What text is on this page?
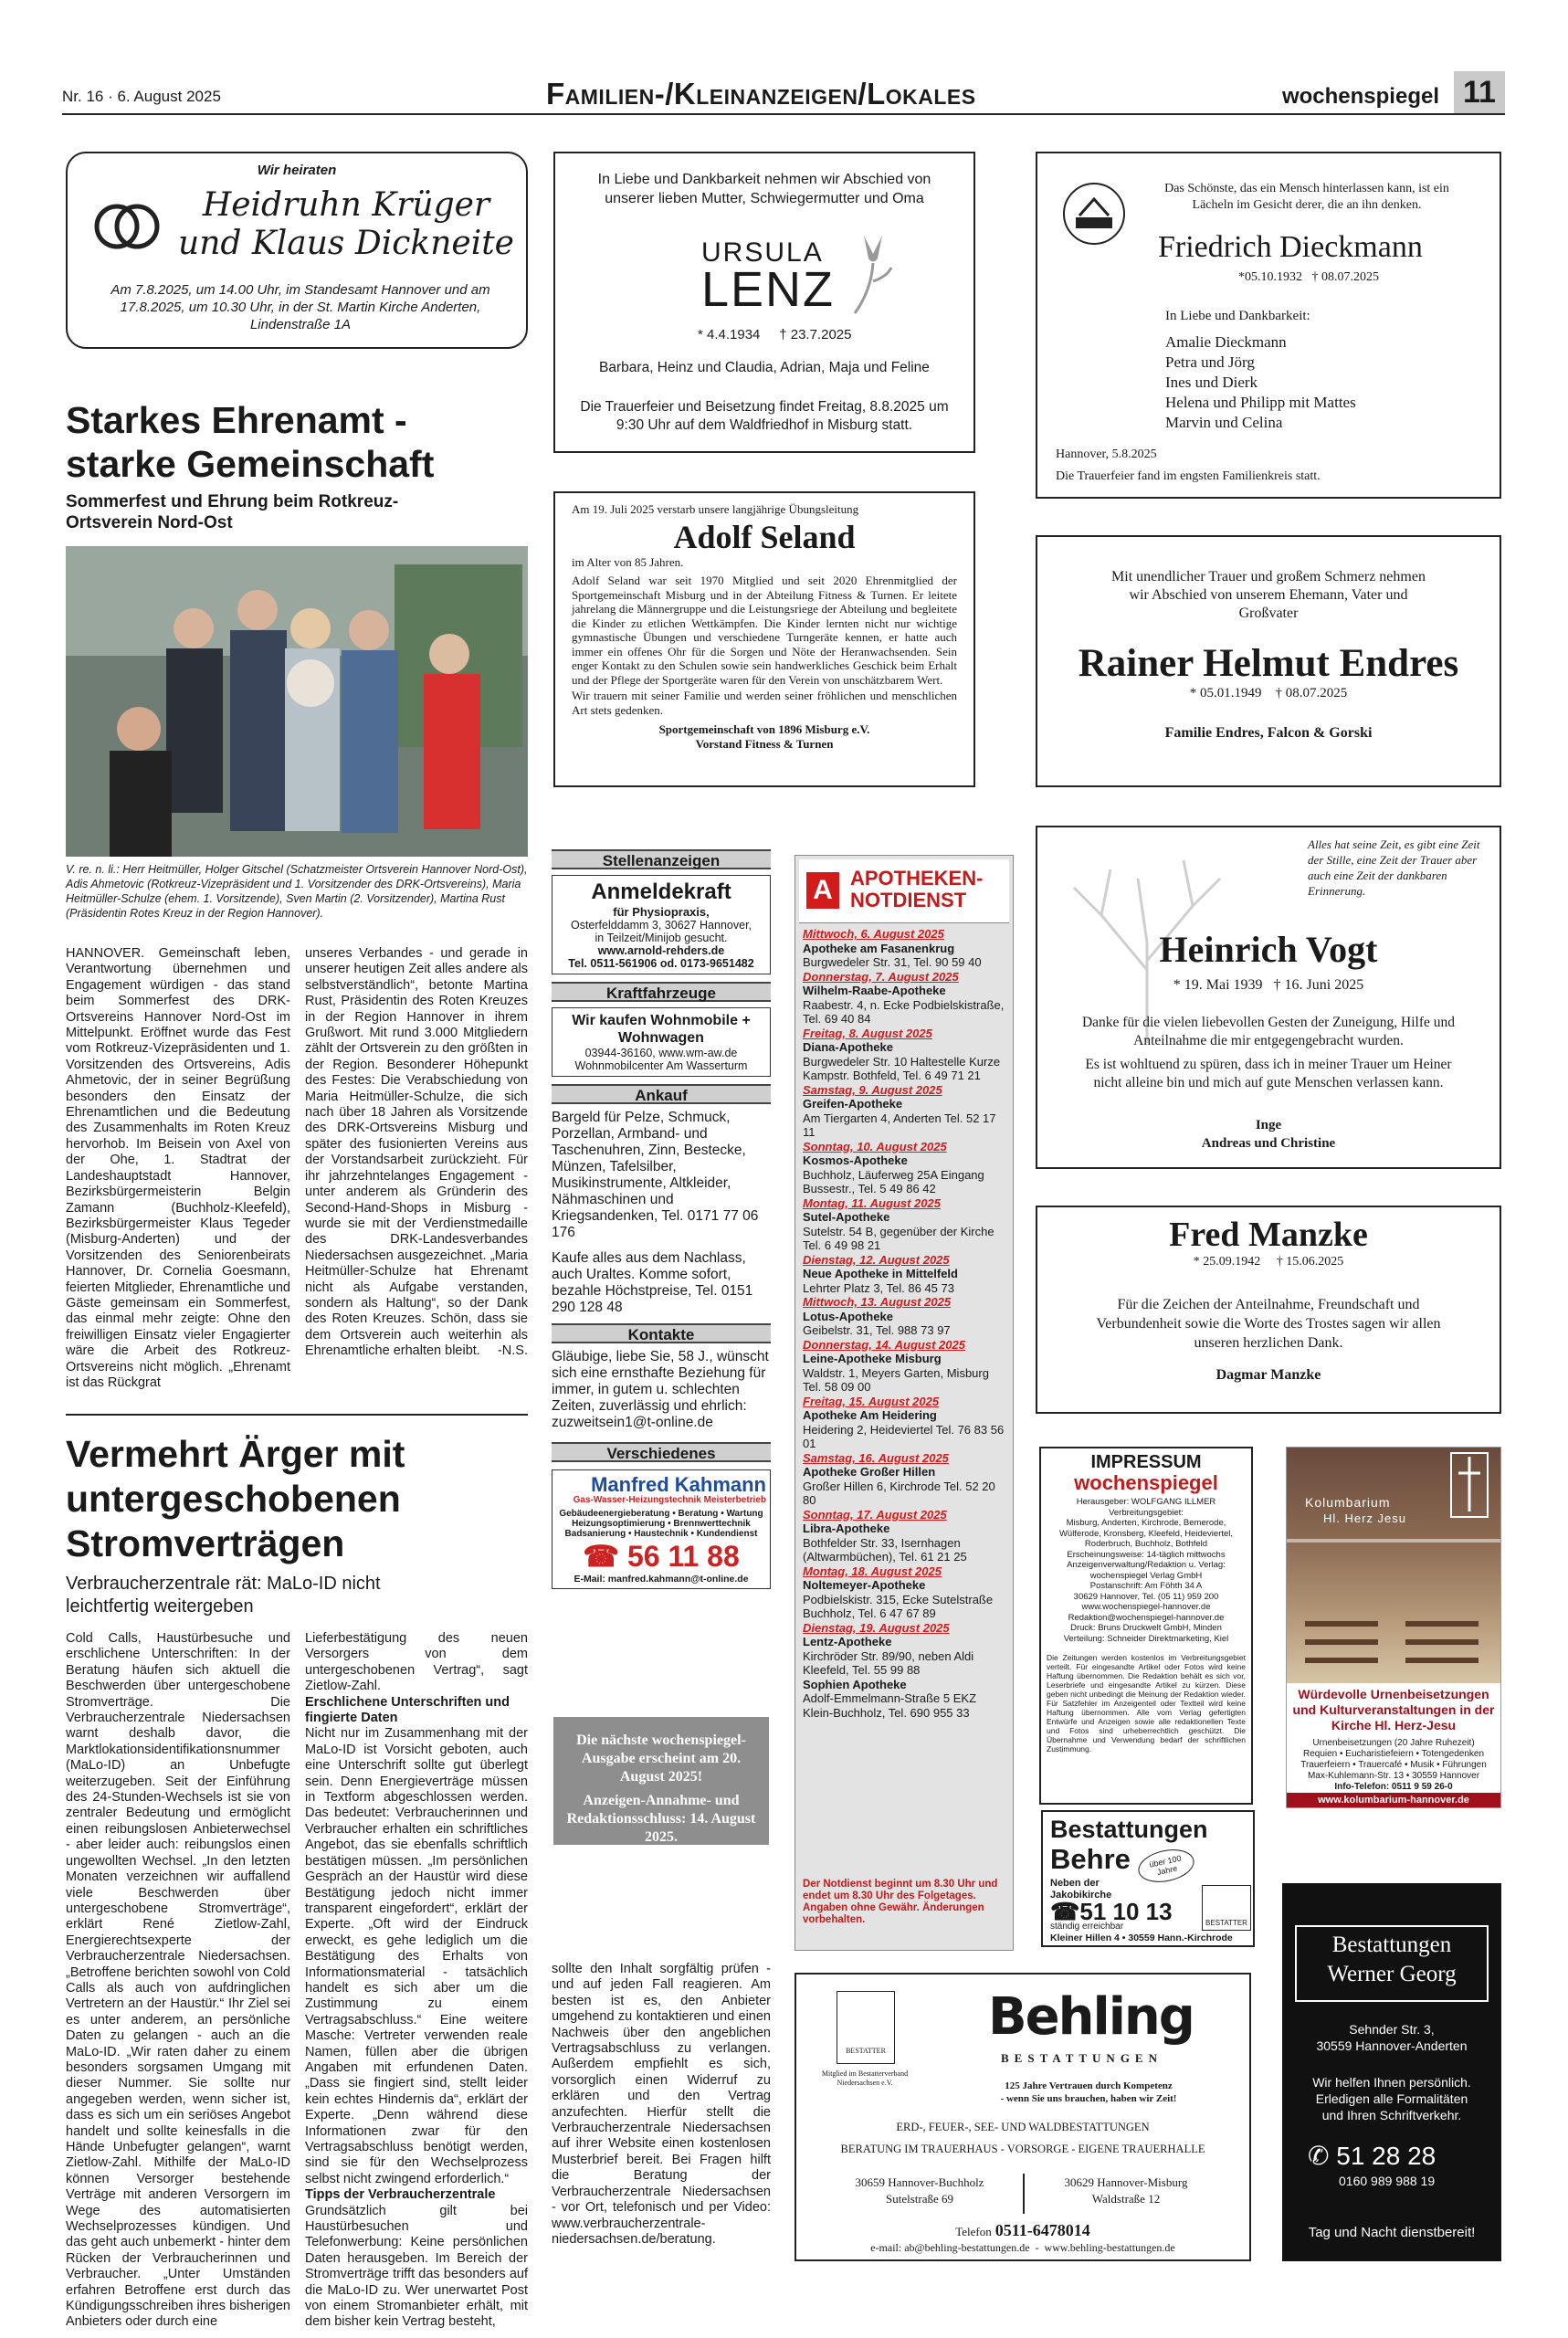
Nr. 16 · 6. August 2025	Familien-/Kleinanzeigen/Lokales	wochenspiegel 11
Wir heiraten
Heidruhn Krüger und Klaus Dickneite
Am 7.8.2025, um 14.00 Uhr, im Standesamt Hannover und am 17.8.2025, um 10.30 Uhr, in der St. Martin Kirche Anderten, Lindenstraße 1A
Starkes Ehrenamt - starke Gemeinschaft
Sommerfest und Ehrung beim Rotkreuz-Ortsverein Nord-Ost
V. re. n. li.: Herr Heitmüller, Holger Gitschel (Schatzmeister Ortsverein Hannover Nord-Ost), Adis Ahmetovic (Rotkreuz-Vizepräsident und 1. Vorsitzender des DRK-Ortsvereins), Maria Heitmüller-Schulze (ehem. 1. Vorsitzende), Sven Martin (2. Vorsitzender), Martina Rust (Präsidentin Rotes Kreuz in der Region Hannover).
HANNOVER. Gemeinschaft leben, Verantwortung übernehmen und Engagement würdigen - das stand beim Sommerfest des DRK-Ortsvereins Hannover Nord-Ost im Mittelpunkt. Eröffnet wurde das Fest vom Rotkreuz-Vizepräsidenten und 1. Vorsitzenden des Ortsvereins, Adis Ahmetovic, der in seiner Begrüßung besonders den Einsatz der Ehrenamtlichen und die Bedeutung des Zusammenhalts im Roten Kreuz hervorhob. Im Beisein von Axel von der Ohe, 1. Stadtrat der Landeshauptstadt Hannover, Bezirksbürgermeisterin Belgin Zamann (Buchholz-Kleefeld), Bezirksbürgermeister Klaus Tegeder (Misburg-Anderten) und der Vorsitzenden des Seniorenbeirats Hannover, Dr. Cornelia Goesmann, feierten Mitglieder, Ehrenamtliche und Gäste gemeinsam ein Sommerfest, das einmal mehr zeigte: Ohne den freiwilligen Einsatz vieler Engagierter wäre die Arbeit des Rotkreuz-Ortsvereins nicht möglich. „Ehrenamt ist das Rückgrat
unseres Verbandes - und gerade in unserer heutigen Zeit alles andere als selbstverständlich“, betonte Martina Rust, Präsidentin des Roten Kreuzes in der Region Hannover in ihrem Grußwort. Mit rund 3.000 Mitgliedern zählt der Ortsverein zu den größten in der Region. Besonderer Höhepunkt des Festes: Die Verabschiedung von Maria Heitmüller-Schulze, die sich nach über 18 Jahren als Vorsitzende des DRK-Ortsvereins Misburg und später des fusionierten Vereins aus der Vorstandsarbeit zurückzieht. Für ihr jahrzehntelanges Engagement - unter anderem als Gründerin des Second-Hand-Shops in Misburg - wurde sie mit der Verdienstmedaille des DRK-Landesverbandes Niedersachsen ausgezeichnet. „Maria Heitmüller-Schulze hat Ehrenamt nicht als Aufgabe verstanden, sondern als Haltung“, so der Dank des Roten Kreuzes. Schön, dass sie dem Ortsverein auch weiterhin als Ehrenamtliche erhalten bleibt. -N.S.
Vermehrt Ärger mit untergeschobenen Stromverträgen
Verbraucherzentrale rät: MaLo-ID nicht leichtfertig weitergeben
Cold Calls, Haustürbesuche und erschlichene Unterschriften: In der Beratung häufen sich aktuell die Beschwerden über untergeschobene Stromverträge. Die Verbraucherzentrale Niedersachsen warnt deshalb davor, die Marktlokationsidentifikationsnummer (MaLo-ID) an Unbefugte weiterzugeben. Seit der Einführung des 24-Stunden-Wechsels ist sie von zentraler Bedeutung und ermöglicht einen reibungslosen Anbieterwechsel - aber leider auch: reibungslos einen ungewollten Wechsel. „In den letzten Monaten verzeichnen wir auffallend viele Beschwerden über untergeschobene Stromverträge“, erklärt René Zietlow-Zahl, Energierechtsexperte der Verbraucherzentrale Niedersachsen. „Betroffene berichten sowohl von Cold Calls als auch von aufdringlichen Vertretern an der Haustür.“ Ihr Ziel sei es unter anderem, an persönliche Daten zu gelangen - auch an die MaLo-ID. „Wir raten daher zu einem besonders sorgsamen Umgang mit dieser Nummer. Sie sollte nur angegeben werden, wenn sicher ist, dass es sich um ein seriöses Angebot handelt und sollte keinesfalls in die Hände Unbefugter gelangen“, warnt Zietlow-Zahl. Mithilfe der MaLo-ID können Versorger bestehende Verträge mit anderen Versorgern im Wege des automatisierten Wechselprozesses kündigen. Und das geht auch unbemerkt - hinter dem Rücken der Verbraucherinnen und Verbraucher. „Unter Umständen erfahren Betroffene erst durch das Kündigungsschreiben ihres bisherigen Anbieters oder durch eine
Lieferbestätigung des neuen Versorgers von dem untergeschobenen Vertrag“, sagt Zietlow-Zahl.
Erschlichene Unterschriften und fingierte Daten
Nicht nur im Zusammenhang mit der MaLo-ID ist Vorsicht geboten, auch eine Unterschrift sollte gut überlegt sein. Denn Energieverträge müssen in Textform abgeschlossen werden. Das bedeutet: Verbraucherinnen und Verbraucher erhalten ein schriftliches Angebot, das sie ebenfalls schriftlich bestätigen müssen. „Im persönlichen Gespräch an der Haustür wird diese Bestätigung jedoch nicht immer transparent eingefordert“, erklärt der Experte. „Oft wird der Eindruck erweckt, es gehe lediglich um die Bestätigung des Erhalts von Informationsmaterial - tatsächlich handelt es sich aber um die Zustimmung zu einem Vertragsabschluss.“ Eine weitere Masche: Vertreter verwenden reale Namen, füllen aber die übrigen Angaben mit erfundenen Daten. „Dass sie fingiert sind, stellt leider kein echtes Hindernis da“, erklärt der Experte. „Denn während diese Informationen zwar für den Vertragsabschluss benötigt werden, sind sie für den Wechselprozess selbst nicht zwingend erforderlich.“
Tipps der Verbraucherzentrale
Grundsätzlich gilt bei Haustürbesuchen und Telefonwerbung: Keine persönlichen Daten herausgeben. Im Bereich der Stromverträge trifft das besonders auf die MaLo-ID zu. Wer unerwartet Post von einem Stromanbieter erhält, mit dem bisher kein Vertrag besteht,
sollte den Inhalt sorgfältig prüfen - und auf jeden Fall reagieren. Am besten ist es, den Anbieter umgehend zu kontaktieren und einen Nachweis über den angeblichen Vertragsabschluss zu verlangen. Außerdem empfiehlt es sich, vorsorglich einen Widerruf zu erklären und den Vertrag anzufechten. Hierfür stellt die Verbraucherzentrale Niedersachsen auf ihrer Website einen kostenlosen Musterbrief bereit. Bei Fragen hilft die Beratung der Verbraucherzentrale Niedersachsen - vor Ort, telefonisch und per Video: www.verbraucherzentrale-niedersachsen.de/beratung.
In Liebe und Dankbarkeit nehmen wir Abschied von unserer lieben Mutter, Schwiegermutter und Oma
URSULA
LENZ
* 4.4.1934     † 23.7.2025
Barbara, Heinz und Claudia, Adrian, Maja und Feline
Die Trauerfeier und Beisetzung findet Freitag, 8.8.2025 um 9:30 Uhr auf dem Waldfriedhof in Misburg statt.
Das Schönste, das ein Mensch hinterlassen kann, ist ein Lächeln im Gesicht derer, die an ihn denken.
Friedrich Dieckmann
*05.10.1932   † 08.07.2025
In Liebe und Dankbarkeit:
Amalie Dieckmann
Petra und Jörg
Ines und Dierk
Helena und Philipp mit Mattes
Marvin und Celina
Hannover, 5.8.2025
Die Trauerfeier fand im engsten Familienkreis statt.
Am 19. Juli 2025 verstarb unsere langjährige Übungsleitung
Adolf Seland
im Alter von 85 Jahren.
Adolf Seland war seit 1970 Mitglied und seit 2020 Ehrenmitglied der Sportgemeinschaft Misburg und in der Abteilung Fitness & Turnen. Er leitete jahrelang die Männergruppe und die Leistungsriege der Abteilung und begleitete die Kinder zu etlichen Wettkämpfen. Die Kinder lernten nicht nur wichtige gymnastische Übungen und verschiedene Turngeräte kennen, er hatte auch immer ein offenes Ohr für die Sorgen und Nöte der Heranwachsenden. Sein enger Kontakt zu den Schulen sowie sein handwerkliches Geschick beim Erhalt und der Pflege der Sportgeräte waren für den Verein von unschätzbarem Wert.
Wir trauern mit seiner Familie und werden seiner fröhlichen und menschlichen Art stets gedenken.
Sportgemeinschaft von 1896 Misburg e.V.
Vorstand Fitness & Turnen
Mit unendlicher Trauer und großem Schmerz nehmen wir Abschied von unserem Ehemann, Vater und Großvater
Rainer Helmut Endres
* 05.01.1949    † 08.07.2025
Familie Endres, Falcon & Gorski
Alles hat seine Zeit, es gibt eine Zeit der Stille, eine Zeit der Trauer aber auch eine Zeit der dankbaren Erinnerung.
Heinrich Vogt
* 19. Mai 1939   † 16. Juni 2025
Danke für die vielen liebevollen Gesten der Zuneigung, Hilfe und Anteilnahme die mir entgegengebracht wurden.
Es ist wohltuend zu spüren, dass ich in meiner Trauer um Heiner nicht alleine bin und mich auf gute Menschen verlassen kann.
Inge
Andreas und Christine
Fred Manzke
* 25.09.1942     † 15.06.2025
Für die Zeichen der Anteilnahme, Freundschaft und Verbundenheit sowie die Worte des Trostes sagen wir allen unseren herzlichen Dank.
Dagmar Manzke
Stellenanzeigen
Anmeldekraft
für Physiopraxis,
Osterfelddamm 3, 30627 Hannover,
in Teilzeit/Minijob gesucht.
www.arnold-rehders.de
Tel. 0511-561906 od. 0173-9651482
Kraftfahrzeuge
Wir kaufen Wohnmobile + Wohnwagen
03944-36160, www.wm-aw.de
Wohnmobilcenter Am Wasserturm
Ankauf
Bargeld für Pelze, Schmuck, Porzellan, Armband- und Taschenuhren, Zinn, Bestecke, Münzen, Tafelsilber, Musikinstrumente, Altkleider, Nähmaschinen und Kriegsandenken, Tel. 0171 77 06 176
Kaufe alles aus dem Nachlass, auch Uraltes. Komme sofort, bezahle Höchstpreise, Tel. 0151 290 128 48
Kontakte
Gläubige, liebe Sie, 58 J., wünscht sich eine ernsthafte Beziehung für immer, in gutem u. schlechten Zeiten, zuverlässig und ehrlich: zuzweitsein1@t-online.de
Verschiedenes
Manfred Kahmann
Gas-Wasser-Heizungstechnik Meisterbetrieb
Gebäudeenergieberatung • Beratung • Wartung
Heizungsoptimierung • Brennwerttechnik
Badsanierung • Haustechnik • Kundendienst
☎ 56 11 88
E-Mail: manfred.kahmann@t-online.de
Die nächste wochenspiegel-Ausgabe erscheint am 20. August 2025!
Anzeigen-Annahme- und Redaktionsschluss: 14. August 2025.
A APOTHEKEN-
NOTDIENST

Mittwoch, 6. August 2025

Apotheke am Fasanenkrug

Burgwedeler Str. 31, Tel. 90 59 40

Donnerstag, 7. August 2025

Wilhelm-Raabe-Apotheke

Raabestr. 4, n. Ecke Podbielskistraße, Tel. 69 40 84

Freitag, 8. August 2025

Diana-Apotheke

Burgwedeler Str. 10 Haltestelle Kurze Kampstr. Bothfeld, Tel. 6 49 71 21

Samstag, 9. August 2025

Greifen-Apotheke

Am Tiergarten 4, Anderten Tel. 52 17 11

Sonntag, 10. August 2025

Kosmos-Apotheke

Buchholz, Läuferweg 25A Eingang Bussestr., Tel. 5 49 86 42

Montag, 11. August 2025

Sutel-Apotheke

Sutelstr. 54 B, gegenüber der Kirche Tel. 6 49 98 21

Dienstag, 12. August 2025

Neue Apotheke in Mittelfeld

Lehrter Platz 3, Tel. 86 45 73

Mittwoch, 13. August 2025

Lotus-Apotheke

Geibelstr. 31, Tel. 988 73 97

Donnerstag, 14. August 2025

Leine-Apotheke Misburg

Waldstr. 1, Meyers Garten, Misburg Tel. 58 09 00

Freitag, 15. August 2025

Apotheke Am Heidering

Heidering 2, Heideviertel Tel. 76 83 56 01

Samstag, 16. August 2025

Apotheke Großer Hillen

Großer Hillen 6, Kirchrode Tel. 52 20 80

Sonntag, 17. August 2025

Libra-Apotheke

Bothfelder Str. 33, Isernhagen (Altwarmbüchen), Tel. 61 21 25

Montag, 18. August 2025

Noltemeyer-Apotheke

Podbielskistr. 315, Ecke Sutelstraße Buchholz, Tel. 6 47 67 89

Dienstag, 19. August 2025

Lentz-Apotheke

Kirchröder Str. 89/90, neben Aldi Kleefeld, Tel. 55 99 88

Sophien Apotheke

Adolf-Emmelmann-Straße 5 EKZ Klein-Buchholz, Tel. 690 955 33

Der Notdienst beginnt um 8.30 Uhr und endet um 8.30 Uhr des Folgetages. Angaben ohne Gewähr. Änderungen vorbehalten.
IMPRESSUM
wochenspiegel
Herausgeber: WOLFGANG ILLMER
Verbreitungsgebiet:
Misburg, Anderten, Kirchrode, Bemerode, Wülferode, Kronsberg, Kleefeld, Heideviertel, Roderbruch, Buchholz, Bothfeld
Erscheinungsweise: 14-täglich mittwochs
Anzeigenverwaltung/Redaktion u. Verlag:
wochenspiegel Verlag GmbH
Postanschrift: Am Föhth 34 A
30629 Hannover, Tel. (05 11) 959 200
www.wochenspiegel-hannover.de
Redaktion@wochenspiegel-hannover.de
Druck: Bruns Druckwelt GmbH, Minden
Verteilung: Schneider Direktmarketing, Kiel
Die Zeitungen werden kostenlos im Verbreitungsgebiet verteilt. Für eingesandte Artikel oder Fotos wird keine Haftung übernommen. Die Redaktion behält es sich vor, Leserbriefe und eingesandte Artikel zu kürzen. Diese geben nicht unbedingt die Meinung der Redaktion wieder. Für Satzfehler im Anzeigenteil oder Textteil wird keine Haftung übernommen. Alle vom Verlag gefertigten Entwürfe und Anzeigen sowie alle redaktionellen Texte und Fotos sind urheberrechtlich geschützt. Die Übernahme und Verwendung bedarf der schriftlichen Zustimmung.
Kolumbarium
Hl. Herz Jesu
Würdevolle Urnenbeisetzungen und Kulturveranstaltungen in der Kirche Hl. Herz-Jesu
Urnenbeisetzungen (20 Jahre Ruhezeit)
Requien • Eucharistiefeiern • Totengedenken
Trauerfeiern • Trauercafé • Musik • Führungen
Max-Kuhlemann-Str. 13 • 30559 Hannover
Info-Telefon: 0511 9 59 26-0
www.kolumbarium-hannover.de
Bestattungen
Behre	über 100 Jahre
Neben der
Jakobikirche
☎51 10 13
ständig erreichbar
Kleiner Hillen 4 • 30559 Hann.-Kirchrode
BESTATTER
BESTATTER
Mitglied im Bestatterverband Niedersachsen e.V.
Behling
BESTATTUNGEN
125 Jahre Vertrauen durch Kompetenz
- wenn Sie uns brauchen, haben wir Zeit!
ERD-, FEUER-, SEE- UND WALDBESTATTUNGEN
BERATUNG IM TRAUERHAUS - VORSORGE - EIGENE TRAUERHALLE
30659 Hannover-Buchholz
Sutelstraße 69
30629 Hannover-Misburg
Waldstraße 12
Telefon 0511-6478014
e-mail: ab@behling-bestattungen.de  -  www.behling-bestattungen.de
Bestattungen
Werner Georg
Sehnder Str. 3,
30559 Hannover-Anderten
Wir helfen Ihnen persönlich.
Erledigen alle Formalitäten
und Ihren Schriftverkehr.
✆ 51 28 28
0160 989 988 19
Tag und Nacht dienstbereit!
